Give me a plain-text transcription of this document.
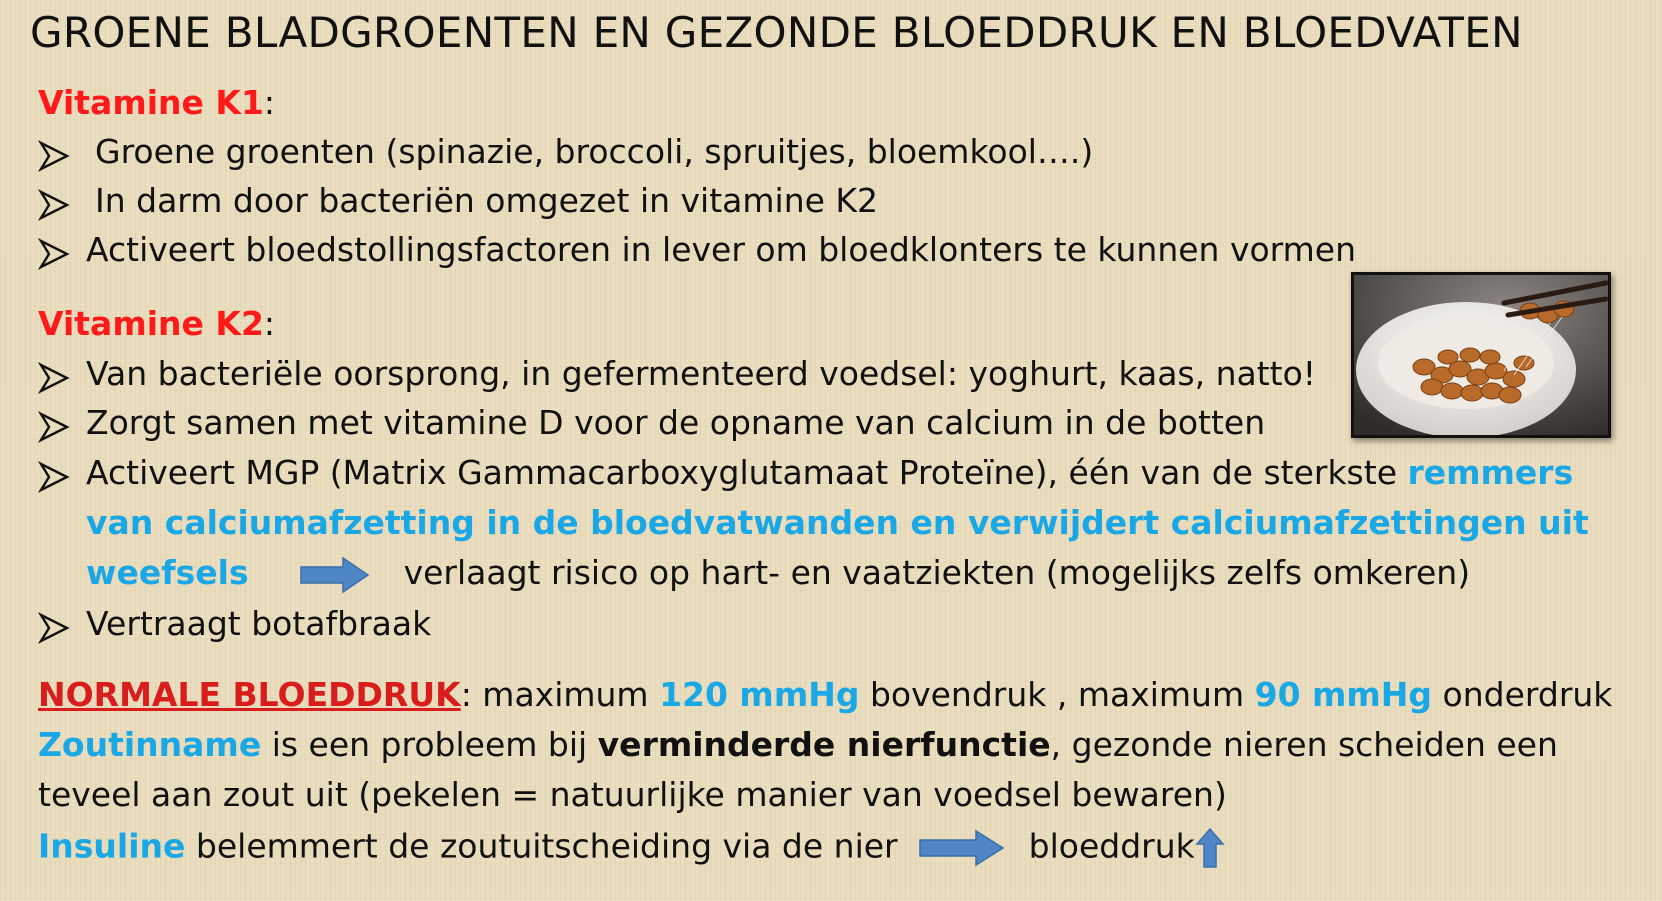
GROENE BLADGROENTEN EN GEZONDE BLOEDDRUK EN BLOEDVATEN
Vitamine K1:
Groene groenten (spinazie, broccoli, spruitjes, bloemkool….)
In darm door bacteriën omgezet in vitamine K2
Activeert bloedstollingsfactoren in lever om bloedklonters te kunnen vormen
Vitamine K2:
Van bacteriële oorsprong, in gefermenteerd voedsel: yoghurt, kaas, natto!
Zorgt samen met vitamine D voor de opname van calcium in de botten
Activeert MGP (Matrix Gammacarboxyglutamaat Proteïne), één van de sterkste remmers
van calciumafzetting in de bloedvatwanden en verwijdert calciumafzettingen uit
weefsels	verlaagt risico op hart- en vaatziekten (mogelijks zelfs omkeren)
Vertraagt botafbraak
NORMALE BLOEDDRUK: maximum 120 mmHg bovendruk , maximum 90 mmHg onderdruk
Zoutinname is een probleem bij verminderde nierfunctie, gezonde nieren scheiden een
teveel aan zout uit (pekelen = natuurlijke manier van voedsel bewaren)
Insuline belemmert de zoutuitscheiding via de nier	bloeddruk
